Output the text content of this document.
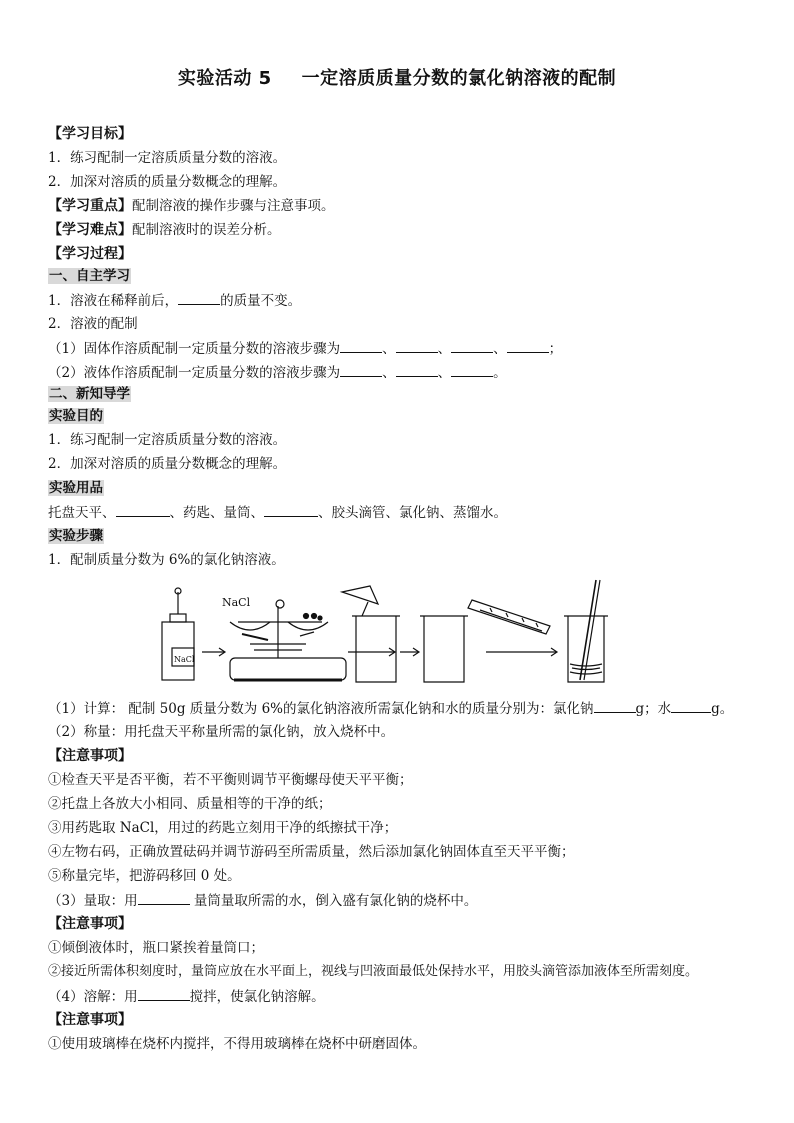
实验活动 5 一定溶质质量分数的氯化钠溶液的配制
【学习目标】
1．练习配制一定溶质质量分数的溶液。
2．加深对溶质的质量分数概念的理解。
【学习重点】配制溶液的操作步骤与注意事项。
【学习难点】配制溶液时的误差分析。
【学习过程】
一、自主学习
1．溶液在稀释前后，	的质量不变。
2．溶液的配制
（1）固体作溶质配制一定质量分数的溶液步骤为	、	、	、	；
（2）液体作溶质配制一定质量分数的溶液步骤为	、	、	。
二、新知导学
实验目的
1．练习配制一定溶质质量分数的溶液。
2．加深对溶质的质量分数概念的理解。
实验用品
托盘天平、	、药匙、量筒、	、胶头滴管、氯化钠、蒸馏水。
实验步骤
1．配制质量分数为 6%的氯化钠溶液。
NaCl
NaCl
（1）计算： 配制 50g 质量分数为 6%的氯化钠溶液所需氯化钠和水的质量分别为：氯化钠	g；水	g。
（2）称量：用托盘天平称量所需的氯化钠，放入烧杯中。
【注意事项】
①检查天平是否平衡，若不平衡则调节平衡螺母使天平平衡；
②托盘上各放大小相同、质量相等的干净的纸；
③用药匙取 NaCl，用过的药匙立刻用干净的纸擦拭干净；
④左物右码，正确放置砝码并调节游码至所需质量，然后添加氯化钠固体直至天平平衡；
⑤称量完毕，把游码移回 0 处。
（3）量取：用	量筒量取所需的水，倒入盛有氯化钠的烧杯中。
【注意事项】
①倾倒液体时，瓶口紧挨着量筒口；
②接近所需体积刻度时，量筒应放在水平面上，视线与凹液面最低处保持水平，用胶头滴管添加液体至所需刻度。
（4）溶解：用	搅拌，使氯化钠溶解。
【注意事项】
①使用玻璃棒在烧杯内搅拌，不得用玻璃棒在烧杯中研磨固体。
